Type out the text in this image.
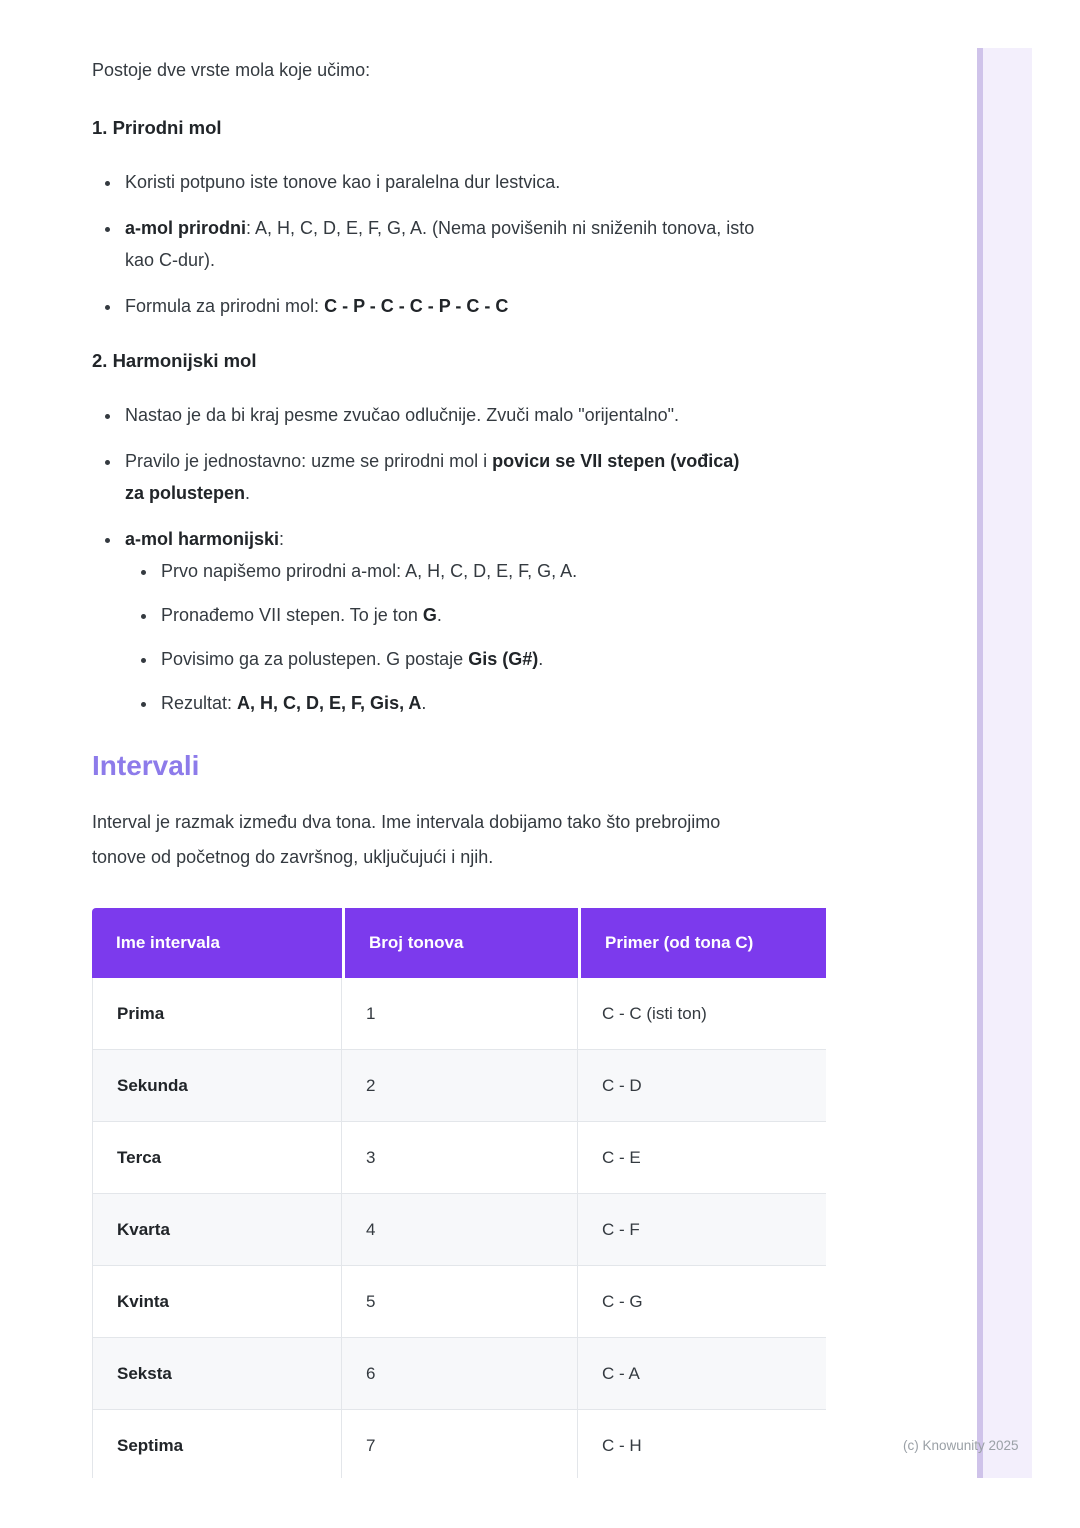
(c) Knowunity 2025

Postoje dve vrste mola koje učimo:

1. Prirodni mol
• Koristi potpuno iste tonove kao i paralelna dur lestvica.
• a-mol prirodni: A, H, C, D, E, F, G, A. (Nema povišenih ni sniženih tonova, isto
kao C-dur).
• Formula za prirodni mol: C - P - C - C - P - C - C
2. Harmonijski mol
• Nastao je da bi kraj pesme zvučao odlučnije. Zvuči malo "orijentalno".
• Pravilo je jednostavno: uzme se prirodni mol i povicи se VII stepen (vođica)
za polustepen.
• a-mol harmonijski:
• Prvo napišemo prirodni a-mol: A, H, C, D, E, F, G, A.
• Pronađemo VII stepen. To je ton G.
• Povisimo ga za polustepen. G postaje Gis (G#).
• Rezultat: A, H, C, D, E, F, Gis, A.
Intervali

Interval je razmak između dva tona. Ime intervala dobijamo tako što prebrojimo
tonove od početnog do završnog, uključujući i njih.

Ime intervala	Broj tonova	Primer (od tona C)
Prima	1	C - C (isti ton)
Sekunda	2	C - D
Terca	3	C - E
Kvarta	4	C - F
Kvinta	5	C - G
Seksta	6	C - A
Septima	7	C - H
